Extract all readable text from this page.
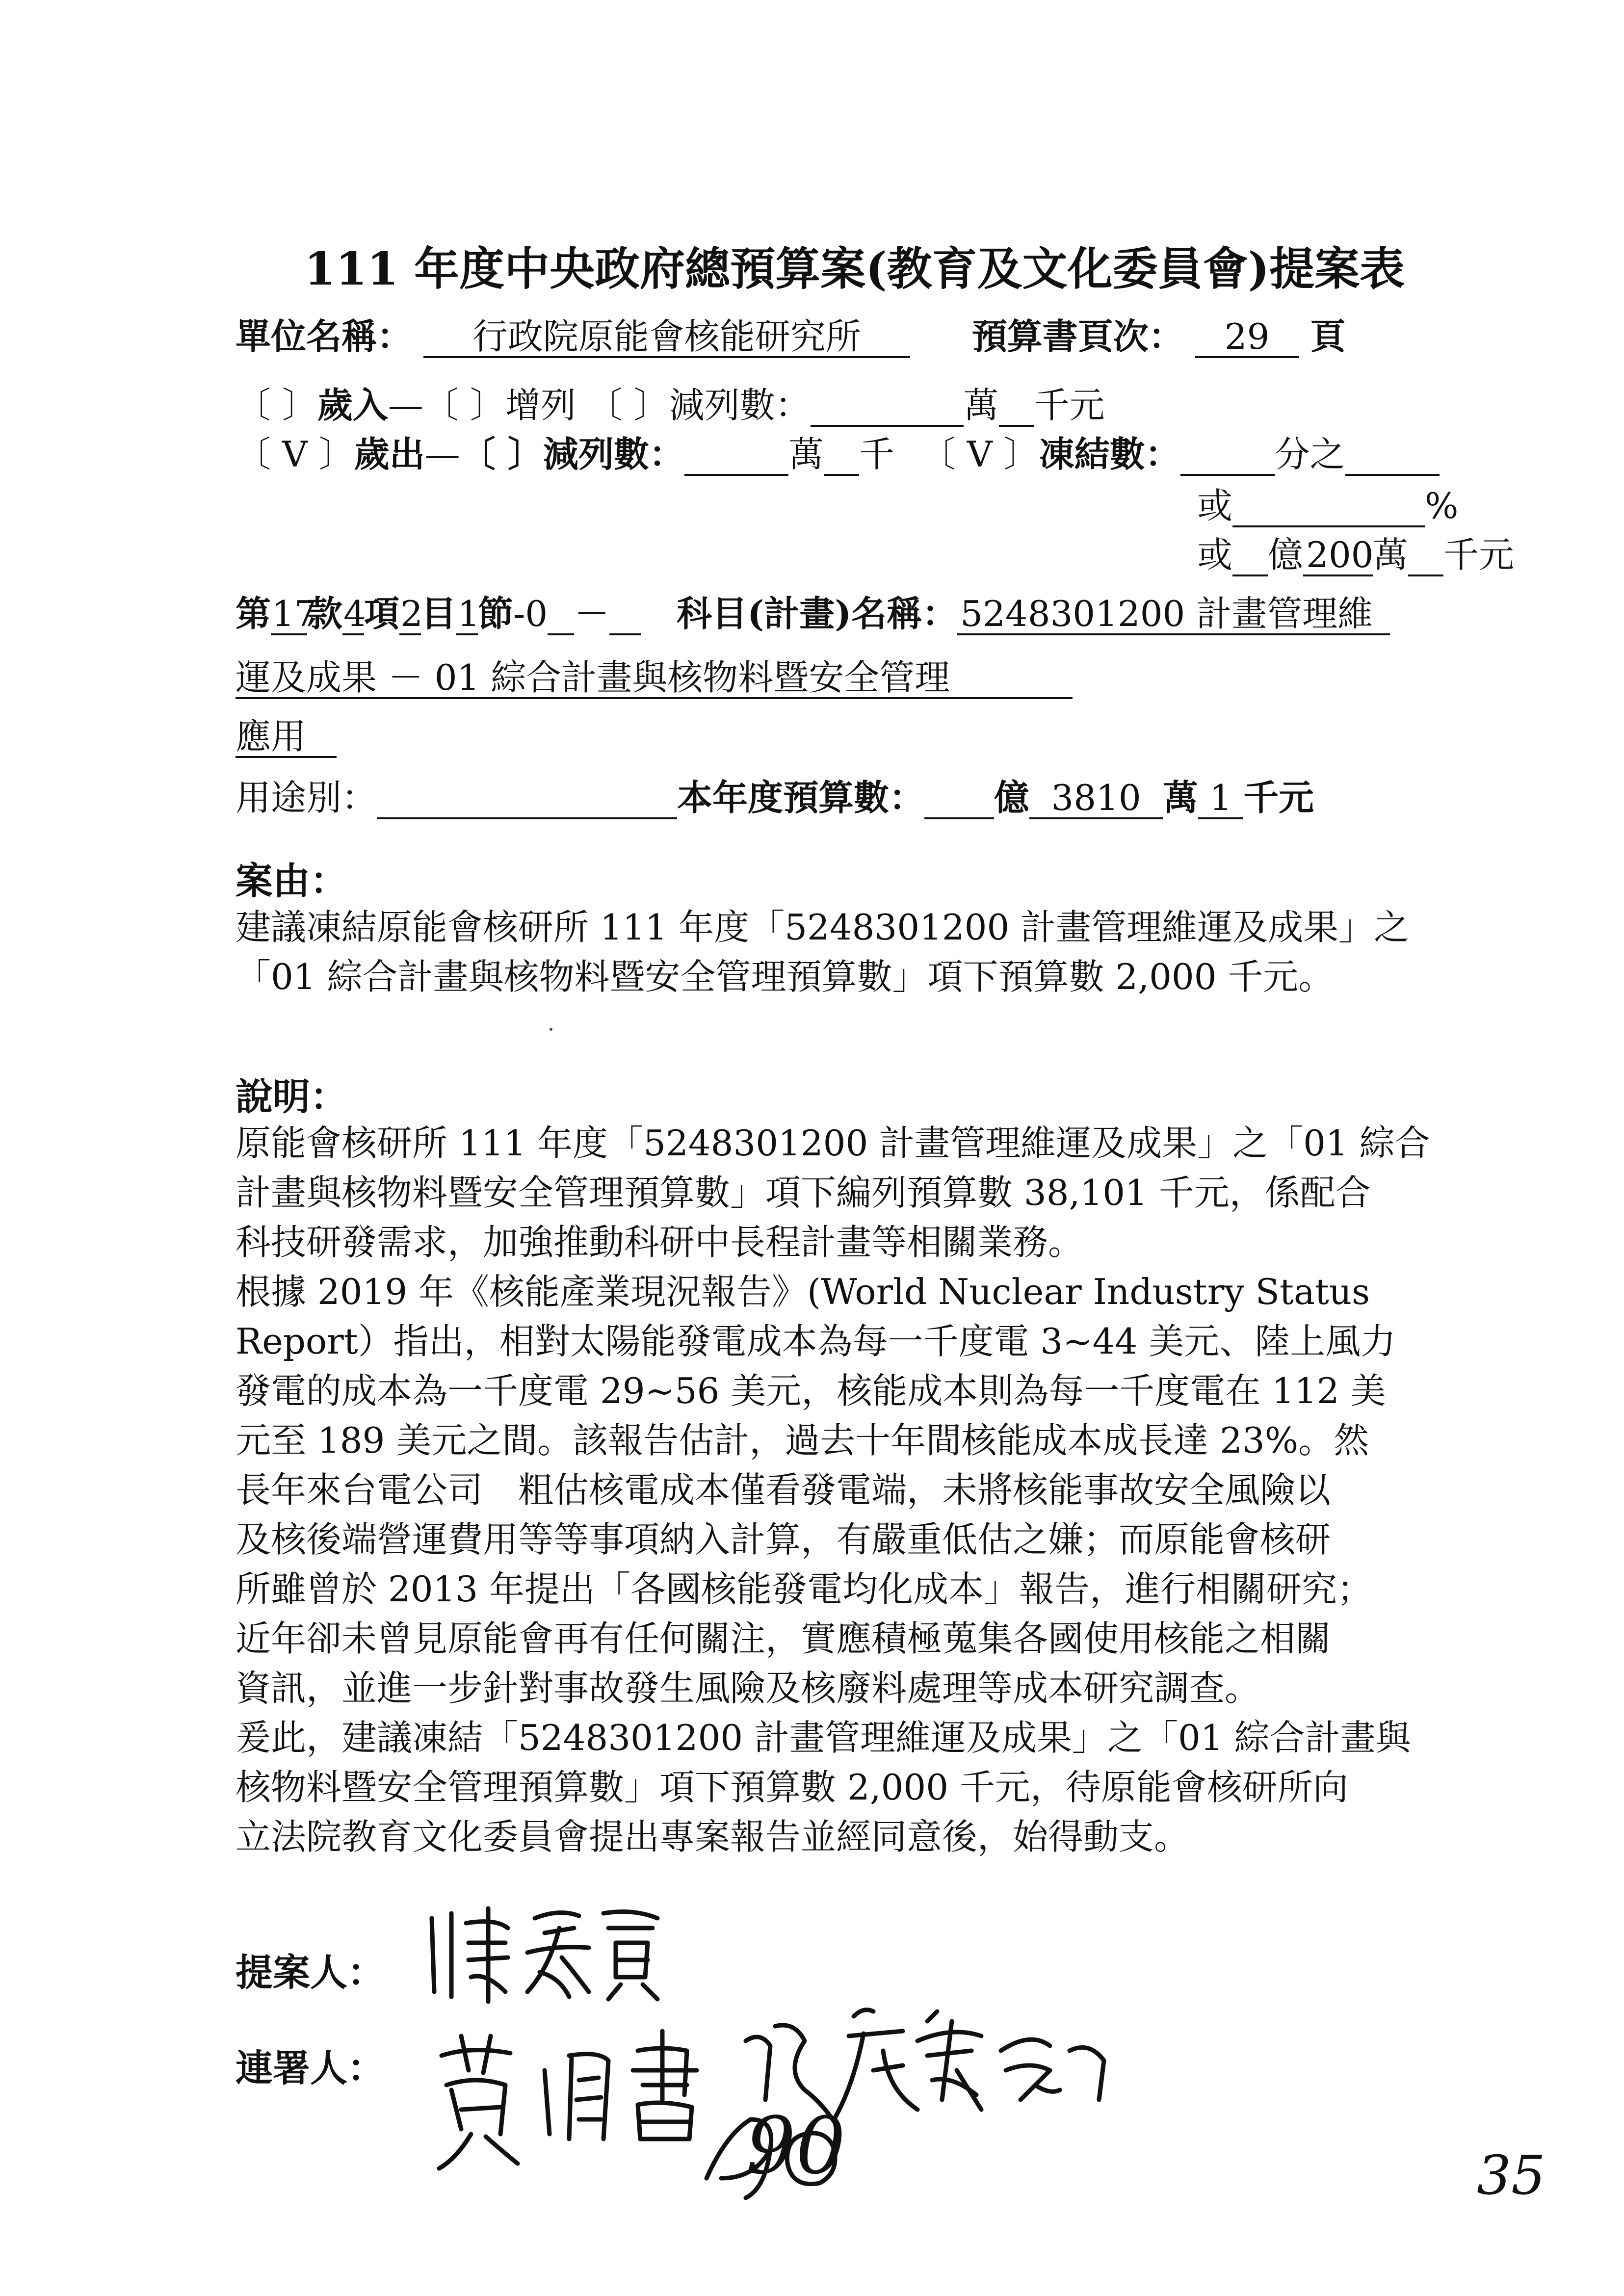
111 年度中央政府總預算案(教育及文化委員會)提案表
單位名稱： 行政院原能會核能研究所	預算書頁次： 29 頁
〔 〕歲入—〔 〕增列 〔 〕減列數：	萬 千元
〔 V 〕歲出—〔 〕減列數：	萬 千 〔 V 〕凍結數：	分之
或	%
或 億200萬 千元
第17款4項2目1節-0 － 科目(計畫)名稱：5248301200 計畫管理維
運及成果 － 01 綜合計畫與核物料暨安全管理
應用
用途別：	本年度預算數： 億 3810 萬 1 千元
案由：
建議凍結原能會核研所 111 年度「5248301200 計畫管理維運及成果」之
「01 綜合計畫與核物料暨安全管理預算數」項下預算數 2,000 千元。
說明：
原能會核研所 111 年度「5248301200 計畫管理維運及成果」之「01 綜合
計畫與核物料暨安全管理預算數」項下編列預算數 38,101 千元，係配合
科技研發需求，加強推動科研中長程計畫等相關業務。
根據 2019 年《核能產業現況報告》(World Nuclear Industry Status
Report）指出，相對太陽能發電成本為每一千度電 3~44 美元、陸上風力
發電的成本為一千度電 29~56 美元，核能成本則為每一千度電在 112 美
元至 189 美元之間。該報告估計，過去十年間核能成本成長達 23%。然
長年來台電公司　粗估核電成本僅看發電端，未將核能事故安全風險以
及核後端營運費用等等事項納入計算，有嚴重低估之嫌；而原能會核研
所雖曾於 2013 年提出「各國核能發電均化成本」報告，進行相關研究；
近年卻未曾見原能會再有任何關注，實應積極蒐集各國使用核能之相關
資訊，並進一步針對事故發生風險及核廢料處理等成本研究調查。
爰此，建議凍結「5248301200 計畫管理維運及成果」之「01 綜合計畫與
核物料暨安全管理預算數」項下預算數 2,000 千元，待原能會核研所向
立法院教育文化委員會提出專案報告並經同意後，始得動支。
提案人：
連署人：
90	35
